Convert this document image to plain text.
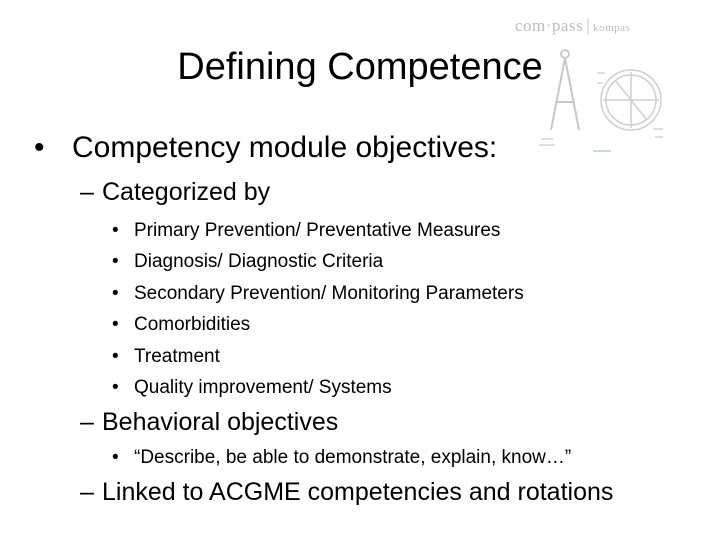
com·pass | kompas
Defining Competence
• Competency module objectives:
– Categorized by
• Primary Prevention/ Preventative Measures
• Diagnosis/ Diagnostic Criteria
• Secondary Prevention/ Monitoring Parameters
• Comorbidities
• Treatment
• Quality improvement/ Systems
– Behavioral objectives
• “Describe, be able to demonstrate, explain, know…”
– Linked to ACGME competencies and rotations
